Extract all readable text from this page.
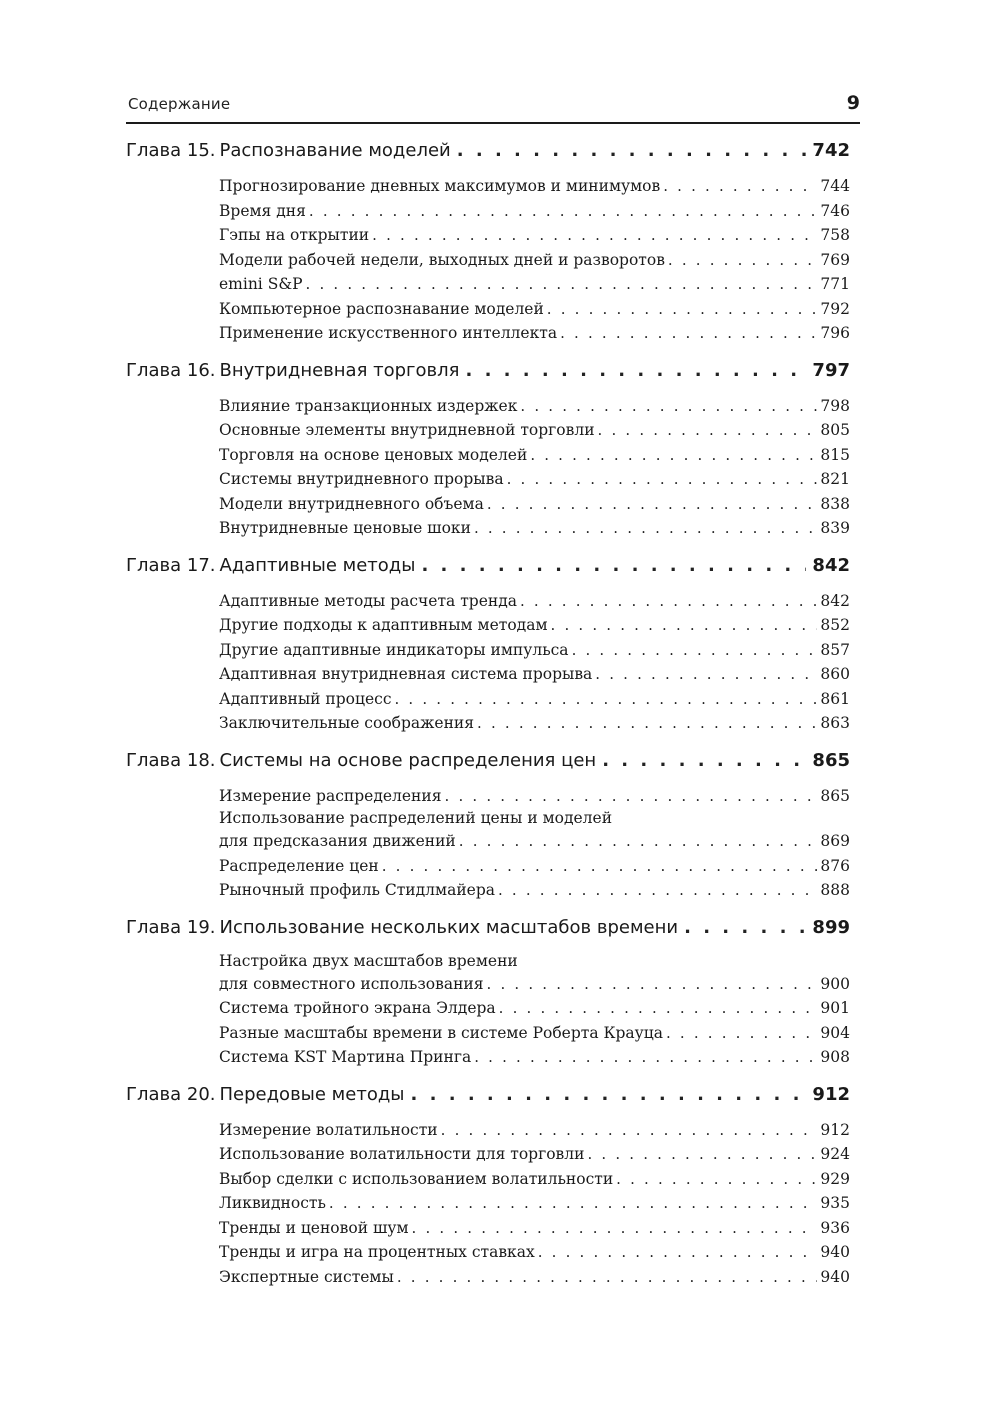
Содержание	9
Глава 15. Распознавание моделей . . .	742
Прогнозирование дневных максимумов и минимумов . . .	744
Время дня . . .	746
Гэпы на открытии . . .	758
Модели рабочей недели, выходных дней и разворотов . . .	769
emini S&P . . .	771
Компьютерное распознавание моделей . . .	792
Применение искусственного интеллекта . . .	796
Глава 16. Внутридневная торговля . . .	797
Влияние транзакционных издержек . . .	798
Основные элементы внутридневной торговли . . .	805
Торговля на основе ценовых моделей . . .	815
Системы внутридневного прорыва . . .	821
Модели внутридневного объема . . .	838
Внутридневные ценовые шоки . . .	839
Глава 17. Адаптивные методы . . .	842
Адаптивные методы расчета тренда . . .	842
Другие подходы к адаптивным методам . . .	852
Другие адаптивные индикаторы импульса . . .	857
Адаптивная внутридневная система прорыва . . .	860
Адаптивный процесс . . .	861
Заключительные соображения . . .	863
Глава 18. Системы на основе распределения цен . . .	865
Измерение распределения . . .	865
Использование распределений цены и моделей
для предсказания движений . . .	869
Распределение цен . . .	876
Рыночный профиль Стидлмайера . . .	888
Глава 19. Использование нескольких масштабов времени . . .	899
Настройка двух масштабов времени
для совместного использования . . .	900
Система тройного экрана Элдера . . .	901
Разные масштабы времени в системе Роберта Крауца . . .	904
Система KST Мартина Принга . . .	908
Глава 20. Передовые методы . . .	912
Измерение волатильности . . .	912
Использование волатильности для торговли . . .	924
Выбор сделки с использованием волатильности . . .	929
Ликвидность . . .	935
Тренды и ценовой шум . . .	936
Тренды и игра на процентных ставках . . .	940
Экспертные системы . . .	940
